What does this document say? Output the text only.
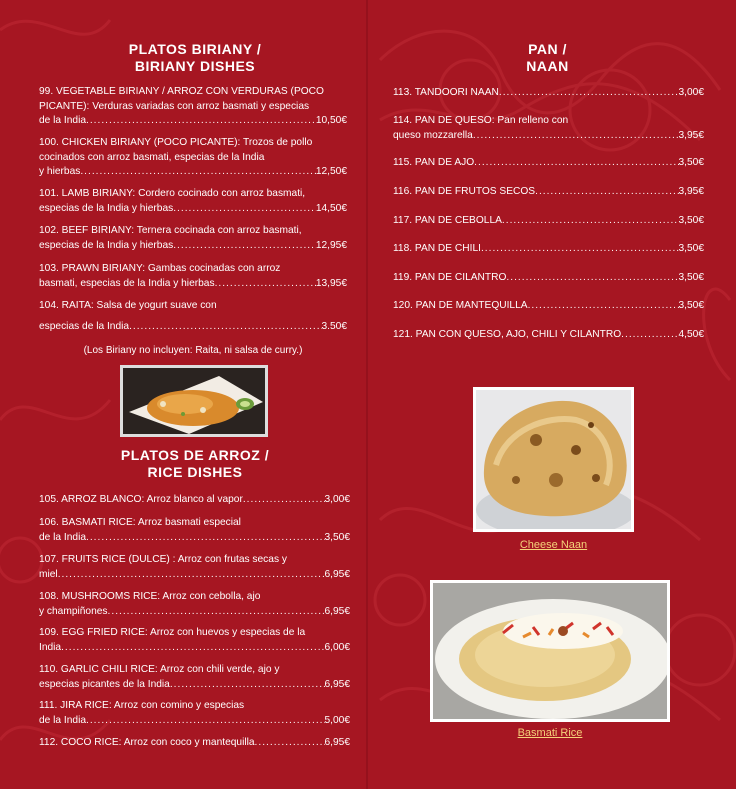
PLATOS BIRIANY /
BIRIANY DISHES
99. VEGETABLE BIRIANY / ARROZ CON VERDURAS (POCO
PICANTE): Verduras variadas con arroz basmati y especias
de la India .....	10,50€
100. CHICKEN BIRIANY (POCO PICANTE): Trozos de pollo
cocinados con arroz basmati, especias de la India
y hierbas .....	12,50€
101. LAMB BIRIANY: Cordero cocinado con arroz basmati,
especias de la India y hierbas .....	14,50€
102. BEEF BIRIANY: Ternera cocinada con arroz basmati,
especias de la India y hierbas .....	12,95€
103. PRAWN BIRIANY: Gambas cocinadas con arroz
basmati, especias de la India y hierbas .....	13,95€
104. RAITA: Salsa de yogurt suave con
especias de la India .....	3.50€
(Los Biriany no incluyen: Raita, ni salsa de curry.)
PLATOS DE ARROZ /
RICE DISHES
105. ARROZ BLANCO: Arroz blanco al vapor .....	3,00€
106. BASMATI RICE: Arroz basmati especial
de la India .....	3,50€
107. FRUITS RICE (DULCE) : Arroz con frutas secas y
miel .....	6,95€
108. MUSHROOMS RICE: Arroz con cebolla, ajo
y champiñones .....	6,95€
109. EGG FRIED RICE: Arroz con huevos y especias de la
India .....	6,00€
110. GARLIC CHILI RICE: Arroz con chili verde, ajo y
especias picantes de la India .....	6,95€
111. JIRA RICE: Arroz con comino y especias
de la India .....	5,00€
112. COCO RICE: Arroz con coco y mantequilla .....	6,95€
PAN /
NAAN
113. TANDOORI NAAN .....	3,00€
114. PAN DE QUESO: Pan relleno con
queso mozzarella .....	3,95€
115. PAN DE AJO .....	3,50€
116. PAN DE FRUTOS SECOS .....	3,95€
117. PAN DE CEBOLLA .....	3,50€
118. PAN DE CHILI .....	3,50€
119. PAN DE CILANTRO .....	3,50€
120. PAN DE MANTEQUILLA .....	3,50€
121. PAN CON QUESO, AJO, CHILI Y CILANTRO .....	4,50€
Cheese Naan
Basmati Rice
